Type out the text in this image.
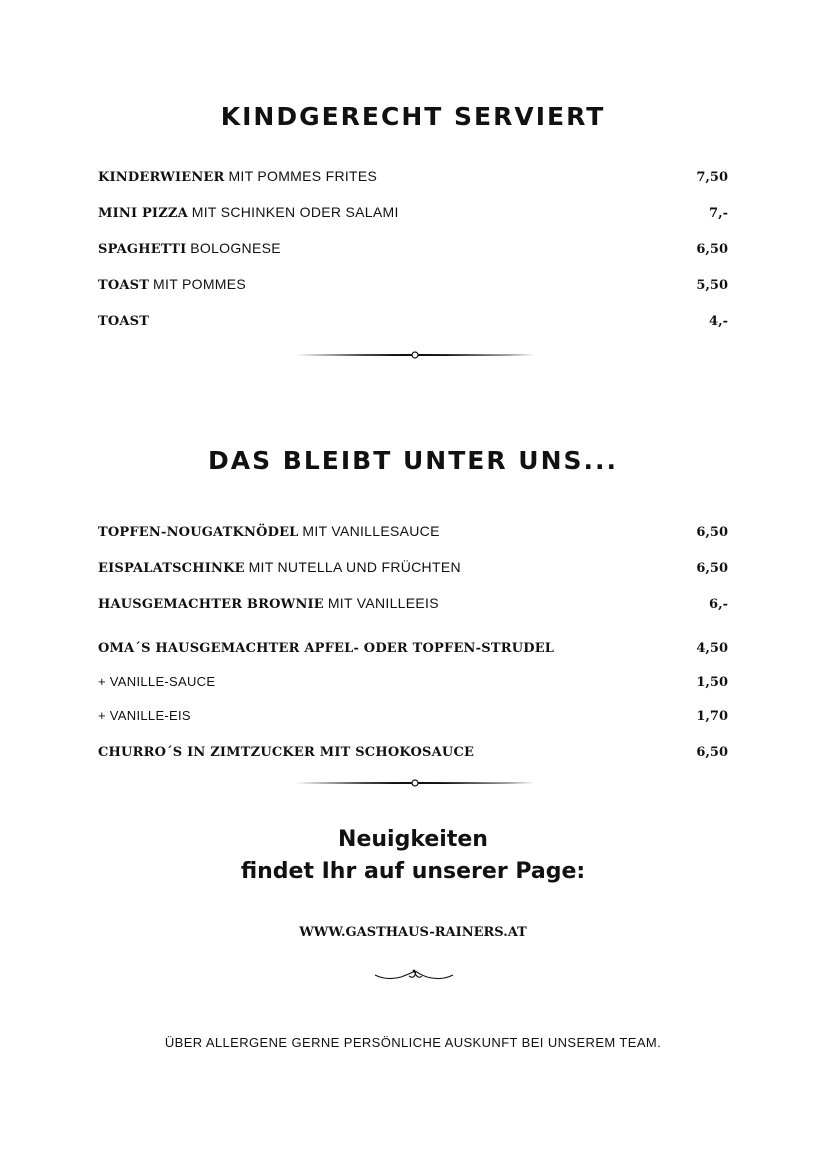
KINDGERECHT SERVIERT
KINDERWIENER MIT POMMES FRITES	7,50
MINI PIZZA MIT SCHINKEN ODER SALAMI	7,-
SPAGHETTI BOLOGNESE	6,50
TOAST MIT POMMES	5,50
TOAST	4,-
DAS BLEIBT UNTER UNS...
TOPFEN-NOUGATKNÖDEL MIT VANILLESAUCE	6,50
EISPALATSCHINKE MIT NUTELLA UND FRÜCHTEN	6,50
HAUSGEMACHTER BROWNIE MIT VANILLEEIS	6,-
OMA´S HAUSGEMACHTER APFEL- ODER TOPFEN-STRUDEL	4,50
+ VANILLE-SAUCE	1,50
+ VANILLE-EIS	1,70
CHURRO´S IN ZIMTZUCKER MIT SCHOKOSAUCE	6,50
Neuigkeiten
findet Ihr auf unserer Page:
WWW.GASTHAUS-RAINERS.AT
ÜBER ALLERGENE GERNE PERSÖNLICHE AUSKUNFT BEI UNSEREM TEAM.
